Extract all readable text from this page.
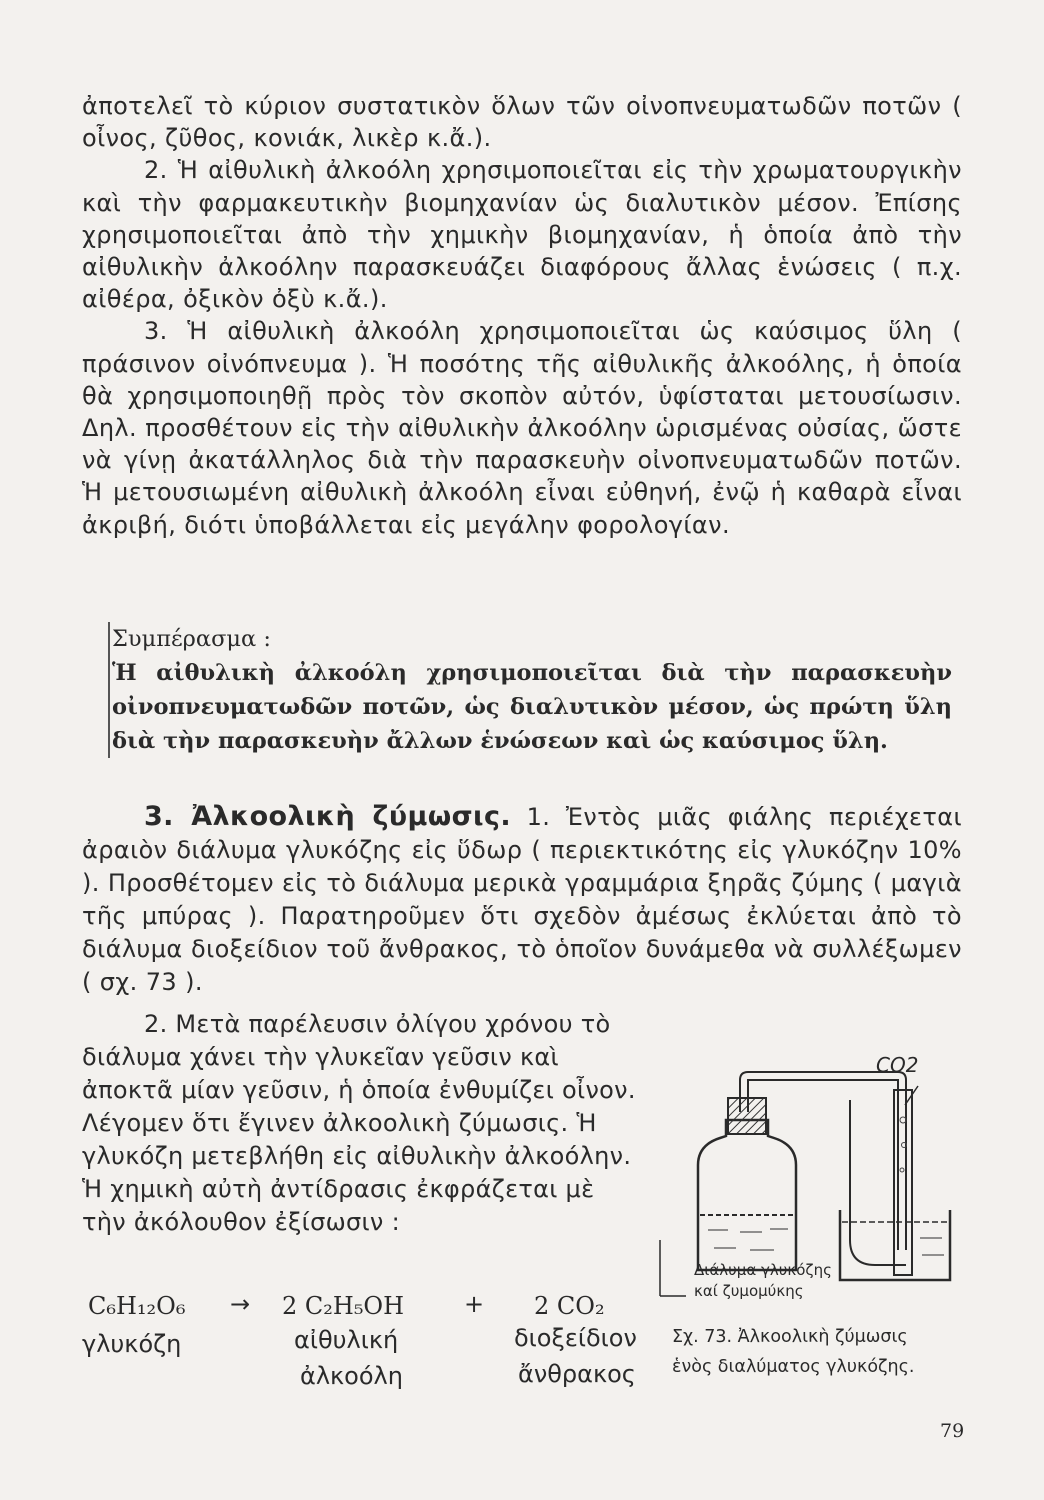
ἀποτελεῖ τὸ κύριον συστατικὸν ὅλων τῶν οἰνοπνευματωδῶν ποτῶν ( οἶνος, ζῦθος, κονιάκ, λικὲρ κ.ἄ.).

2. Ἡ αἰθυλικὴ ἀλκοόλη χρησιμοποιεῖται εἰς τὴν χρωματουργικὴν καὶ τὴν φαρμακευτικὴν βιομηχανίαν ὡς διαλυτικὸν μέσον. Ἐπίσης χρησιμοποιεῖται ἀπὸ τὴν χημικὴν βιομηχανίαν, ἡ ὁποία ἀπὸ τὴν αἰθυλικὴν ἀλκοόλην παρασκευάζει διαφόρους ἄλλας ἑνώσεις ( π.χ. αἰθέρα, ὀξικὸν ὀξὺ κ.ἄ.).

3. Ἡ αἰθυλικὴ ἀλκοόλη χρησιμοποιεῖται ὡς καύσιμος ὕλη ( πράσινον οἰνόπνευμα ). Ἡ ποσότης τῆς αἰθυλικῆς ἀλκοόλης, ἡ ὁποία θὰ χρησιμοποιηθῇ πρὸς τὸν σκοπὸν αὐτόν, ὑφίσταται μετουσίωσιν. Δηλ. προσθέτουν εἰς τὴν αἰθυλικὴν ἀλκοόλην ὡρισμένας οὐσίας, ὥστε νὰ γίνῃ ἀκατάλληλος διὰ τὴν παρασκευὴν οἰνοπνευματωδῶν ποτῶν. Ἡ μετουσιωμένη αἰθυλικὴ ἀλκοόλη εἶναι εὐθηνή, ἐνῷ ἡ καθαρὰ εἶναι ἀκριβή, διότι ὑποβάλλεται εἰς μεγάλην φορολογίαν.

Συμπέρασμα :
Ἡ αἰθυλικὴ ἀλκοόλη χρησιμοποιεῖται διὰ τὴν παρασκευὴν οἰνοπνευματωδῶν ποτῶν, ὡς διαλυτικὸν μέσον, ὡς πρώτη ὕλη διὰ τὴν παρασκευὴν ἄλλων ἑνώσεων καὶ ὡς καύσιμος ὕλη.

3. Ἀλκοολικὴ ζύμωσις. 1. Ἐντὸς μιᾶς φιάλης περιέχεται ἀραιὸν διάλυμα γλυκόζης εἰς ὕδωρ ( περιεκτικότης εἰς γλυκόζην 10% ). Προσθέτομεν εἰς τὸ διάλυμα μερικὰ γραμμάρια ξηρᾶς ζύμης ( μαγιὰ τῆς μπύρας ). Παρατηροῦμεν ὅτι σχεδὸν ἀμέσως ἐκλύεται ἀπὸ τὸ διάλυμα διοξείδιον τοῦ ἄνθρακος, τὸ ὁποῖον δυνάμεθα νὰ συλλέξωμεν ( σχ. 73 ).

2. Μετὰ παρέλευσιν ὀλίγου χρόνου τὸ διάλυμα χάνει τὴν γλυκεῖαν γεῦσιν καὶ ἀποκτᾶ μίαν γεῦσιν, ἡ ὁποία ἐνθυμίζει οἶνον. Λέγομεν ὅτι ἔγινεν ἀλκοολικὴ ζύμωσις. Ἡ γλυκόζη μετεβλήθη εἰς αἰθυλικὴν ἀλκοόλην. Ἡ χημικὴ αὐτὴ ἀντίδρασις ἐκφράζεται μὲ τὴν ἀκόλουθον ἐξίσωσιν :

C₆H₁₂O₆ → 2 C₂H₅OH + 2 CO₂
γλυκόζη	αἰθυλική
ἀλκοόλη
διοξείδιον
ἄνθρακος
CO2
Διάλυμα γλυκόζης
καί ζυμομύκης
Σχ. 73. Ἀλκοολικὴ ζύμωσις
ἑνὸς διαλύματος γλυκόζης.
79
